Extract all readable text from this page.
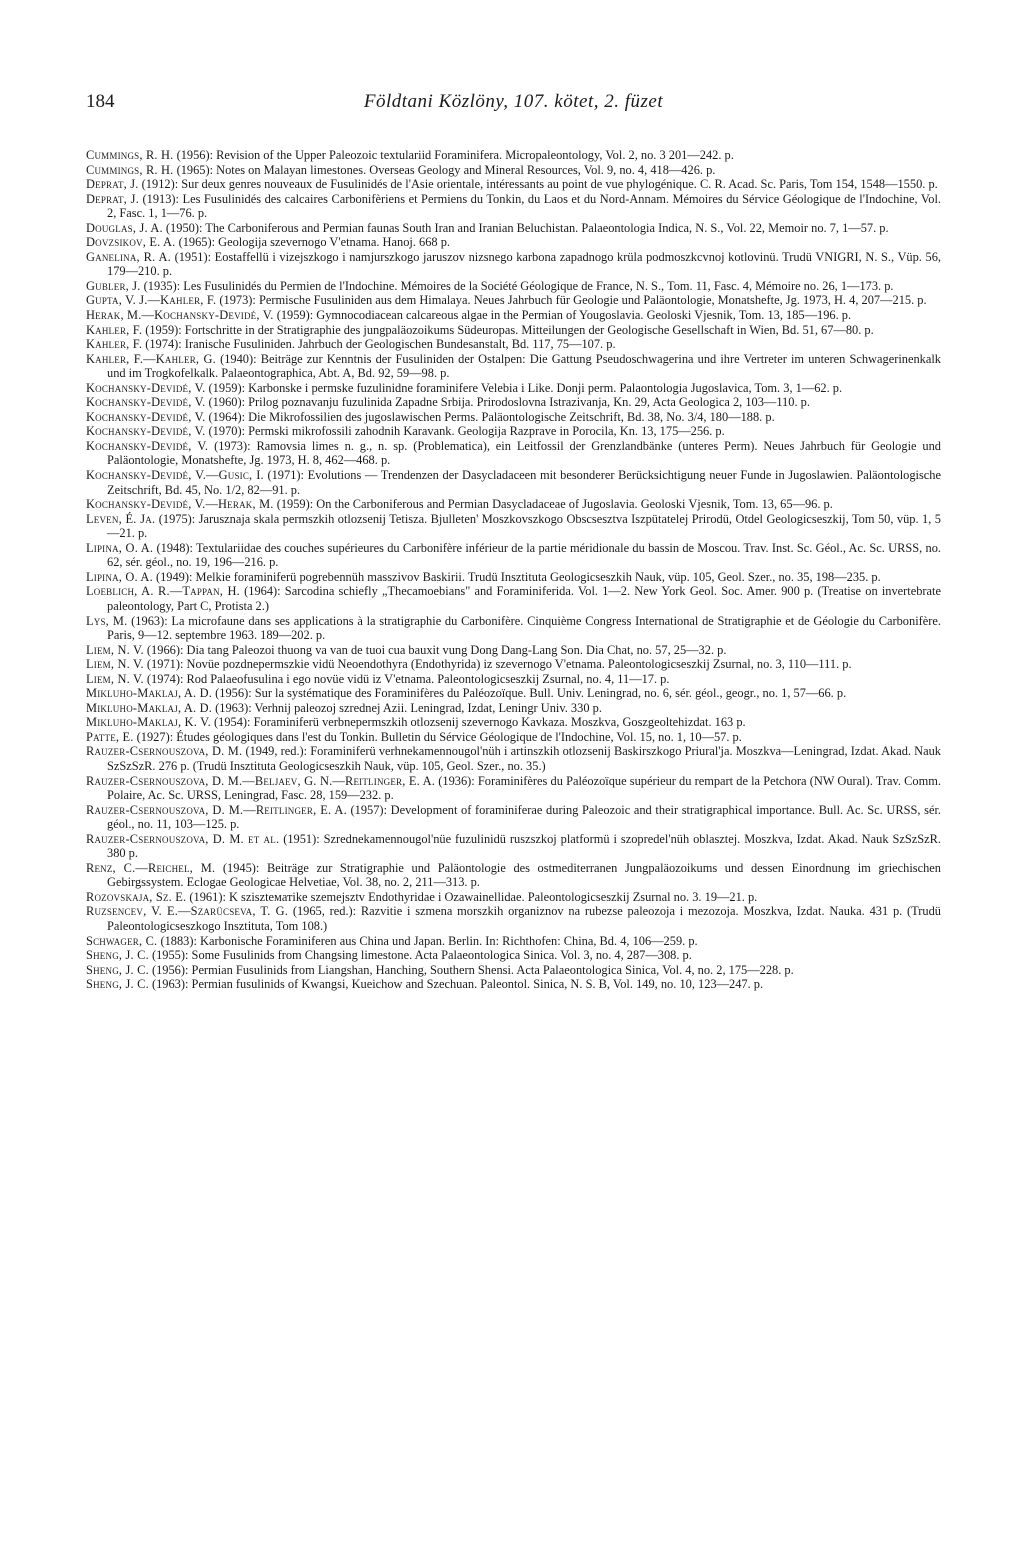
184	Földtani Közlöny, 107. kötet, 2. füzet

Cummings, R. H. (1956): Revision of the Upper Paleozoic textulariid Foraminifera. Micropaleontology, Vol. 2, no. 3 201—242. p.

Cummings, R. H. (1965): Notes on Malayan limestones. Overseas Geology and Mineral Resources, Vol. 9, no. 4, 418—426. p.

Deprat, J. (1912): Sur deux genres nouveaux de Fusulinidés de l'Asie orientale, intéressants au point de vue phylogénique. C. R. Acad. Sc. Paris, Tom 154, 1548—1550. p.

Deprat, J. (1913): Les Fusulinidés des calcaires Carbonifèriens et Permiens du Tonkin, du Laos et du Nord-Annam. Mémoires du Sérvice Géologique de l'Indochine, Vol. 2, Fasc. 1, 1—76. p.

Douglas, J. A. (1950): The Carboniferous and Permian faunas South Iran and Iranian Beluchistan. Palaeontologia Indica, N. S., Vol. 22, Memoir no. 7, 1—57. p.

Dovzsikov, E. A. (1965): Geologija szevernogo V'etnama. Hanoj. 668 p.

Ganelina, R. A. (1951): Eostaffellü i vizejszkogo i namjurszkogo jaruszov nizsnego karbona zapadnogo krüla podmoszkcvnoj kotlovinü. Trudü VNIGRI, N. S., Vüp. 56, 179—210. p.

Gubler, J. (1935): Les Fusulinidés du Permien de l'Indochine. Mémoires de la Société Géologique de France, N. S., Tom. 11, Fasc. 4, Mémoire no. 26, 1—173. p.

Gupta, V. J.—Kahler, F. (1973): Permische Fusuliniden aus dem Himalaya. Neues Jahrbuch für Geologie und Paläontologie, Monatshefte, Jg. 1973, H. 4, 207—215. p.

Herak, M.—Kochansky-Devidé, V. (1959): Gymnocodiacean calcareous algae in the Permian of Yougoslavia. Geoloski Vjesnik, Tom. 13, 185—196. p.

Kahler, F. (1959): Fortschritte in der Stratigraphie des jungpaläozoikums Südeuropas. Mitteilungen der Geologische Gesellschaft in Wien, Bd. 51, 67—80. p.

Kahler, F. (1974): Iranische Fusuliniden. Jahrbuch der Geologischen Bundesanstalt, Bd. 117, 75—107. p.

Kahler, F.—Kahler, G. (1940): Beiträge zur Kenntnis der Fusuliniden der Ostalpen: Die Gattung Pseudoschwagerina und ihre Vertreter im unteren Schwagerinenkalk und im Trogkofelkalk. Palaeontographica, Abt. A, Bd. 92, 59—98. p.

Kochansky-Devidé, V. (1959): Karbonske i permske fuzulinidne foraminifere Velebia i Like. Donji perm. Palaontologia Jugoslavica, Tom. 3, 1—62. p.

Kochansky-Devidé, V. (1960): Prilog poznavanju fuzulinida Zapadne Srbija. Prirodoslovna Istrazivanja, Kn. 29, Acta Geologica 2, 103—110. p.

Kochansky-Devidé, V. (1964): Die Mikrofossilien des jugoslawischen Perms. Paläontologische Zeitschrift, Bd. 38, No. 3/4, 180—188. p.

Kochansky-Devidé, V. (1970): Permski mikrofossili zahodnih Karavank. Geologija Razprave in Porocila, Kn. 13, 175—256. p.

Kochansky-Devidé, V. (1973): Ramovsia limes n. g., n. sp. (Problematica), ein Leitfossil der Grenzlandbänke (unteres Perm). Neues Jahrbuch für Geologie und Paläontologie, Monatshefte, Jg. 1973, H. 8, 462—468. p.

Kochansky-Devidé, V.—Gusic, I. (1971): Evolutions — Trendenzen der Dasycladaceen mit besonderer Berücksichtigung neuer Funde in Jugoslawien. Paläontologische Zeitschrift, Bd. 45, No. 1/2, 82—91. p.

Kochansky-Devidé, V.—Herak, M. (1959): On the Carboniferous and Permian Dasycladaceae of Jugoslavia. Geoloski Vjesnik, Tom. 13, 65—96. p.

Leven, É. Ja. (1975): Jarusznaja skala permszkih otlozsenij Tetisza. Bjulleten' Moszkovszkogo Obscsesztva Iszpütatelej Prirodü, Otdel Geologicseszkij, Tom 50, vüp. 1, 5—21. p.

Lipina, O. A. (1948): Textulariidae des couches supérieures du Carbonifère inférieur de la partie méridionale du bassin de Moscou. Trav. Inst. Sc. Géol., Ac. Sc. URSS, no. 62, sér. géol., no. 19, 196—216. p.

Lipina, O. A. (1949): Melkie foraminiferü pogrebennüh masszivov Baskirii. Trudü Insztituta Geologicseszkih Nauk, vüp. 105, Geol. Szer., no. 35, 198—235. p.

Loeblich, A. R.—Tappan, H. (1964): Sarcodina schiefly „Thecamoebians" and Foraminiferida. Vol. 1—2. New York Geol. Soc. Amer. 900 p. (Treatise on invertebrate paleontology, Part C, Protista 2.)

Lys, M. (1963): La microfaune dans ses applications à la stratigraphie du Carbonifère. Cinquième Congress International de Stratigraphie et de Géologie du Carbonifère. Paris, 9—12. septembre 1963. 189—202. p.

Liem, N. V. (1966): Dia tang Paleozoi thuong va van de tuoi cua bauxit vung Dong Dang-Lang Son. Dia Chat, no. 57, 25—32. p.

Liem, N. V. (1971): Novüe pozdnepermszkie vidü Neoendothyra (Endothyrida) iz szevernogo V'etnama. Paleontologicseszkij Zsurnal, no. 3, 110—111. p.

Liem, N. V. (1974): Rod Palaeofusulina i ego novüe vidü iz V'etnama. Paleontologicseszkij Zsurnal, no. 4, 11—17. p.

Mikluho-Maklaj, A. D. (1956): Sur la systématique des Foraminifères du Paléozoïque. Bull. Univ. Leningrad, no. 6, sér. géol., geogr., no. 1, 57—66. p.

Mikluho-Maklaj, A. D. (1963): Verhnij paleozoj szrednej Azii. Leningrad, Izdat, Leningr Univ. 330 p.

Mikluho-Maklaj, K. V. (1954): Foraminiferü verbnepermszkih otlozsenij szevernogo Kavkaza. Moszkva, Goszgeoltehizdat. 163 p.

Patte, E. (1927): Études géologiques dans l'est du Tonkin. Bulletin du Sérvice Géologique de l'Indochine, Vol. 15, no. 1, 10—57. p.

Rauzer-Csernouszova, D. M. (1949, red.): Foraminiferü verhnekamennougol'nüh i artinszkih otlozsenij Baskirszkogo Priural'ja. Moszkva—Leningrad, Izdat. Akad. Nauk SzSzSzR. 276 p. (Trudü Insztituta Geologicseszkih Nauk, vüp. 105, Geol. Szer., no. 35.)

Rauzer-Csernouszova, D. M.—Beljaev, G. N.—Reitlinger, E. A. (1936): Foraminifères du Paléozoïque supérieur du rempart de la Petchora (NW Oural). Trav. Comm. Polaire, Ac. Sc. URSS, Leningrad, Fasc. 28, 159—232. p.

Rauzer-Csernouszova, D. M.—Reitlinger, E. A. (1957): Development of foraminiferae during Paleozoic and their stratigraphical importance. Bull. Ac. Sc. URSS, sér. géol., no. 11, 103—125. p.

Rauzer-Csernouszova, D. M. et al. (1951): Szrednekamennougol'nüe fuzulinidü ruszszkoj platformü i szopredel'nüh oblasztej. Moszkva, Izdat. Akad. Nauk SzSzSzR. 380 p.

Renz, C.—Reichel, M. (1945): Beiträge zur Stratigraphie und Paläontologie des ostmediterranen Jungpaläozoikums und dessen Einordnung im griechischen Gebirgssystem. Eclogae Geologicae Helvetiae, Vol. 38, no. 2, 211—313. p.

Rozovskaja, Sz. E. (1961): K sziszteматike szemejsztv Endothyridae i Ozawainellidae. Paleontologicseszkij Zsurnal no. 3. 19—21. p.

Ruzsencev, V. E.—Szarücseva, T. G. (1965, red.): Razvitie i szmena morszkih organiznov na rubezse paleozoja i mezozoja. Moszkva, Izdat. Nauka. 431 p. (Trudü Paleontologicseszkogo Insztituta, Tom 108.)

Schwager, C. (1883): Karbonische Foraminiferen aus China und Japan. Berlin. In: Richthofen: China, Bd. 4, 106—259. p.

Sheng, J. C. (1955): Some Fusulinids from Changsing limestone. Acta Palaeontologica Sinica. Vol. 3, no. 4, 287—308. p.

Sheng, J. C. (1956): Permian Fusulinids from Liangshan, Hanching, Southern Shensi. Acta Palaeontologica Sinica, Vol. 4, no. 2, 175—228. p.

Sheng, J. C. (1963): Permian fusulinids of Kwangsi, Kueichow and Szechuan. Paleontol. Sinica, N. S. B, Vol. 149, no. 10, 123—247. p.
